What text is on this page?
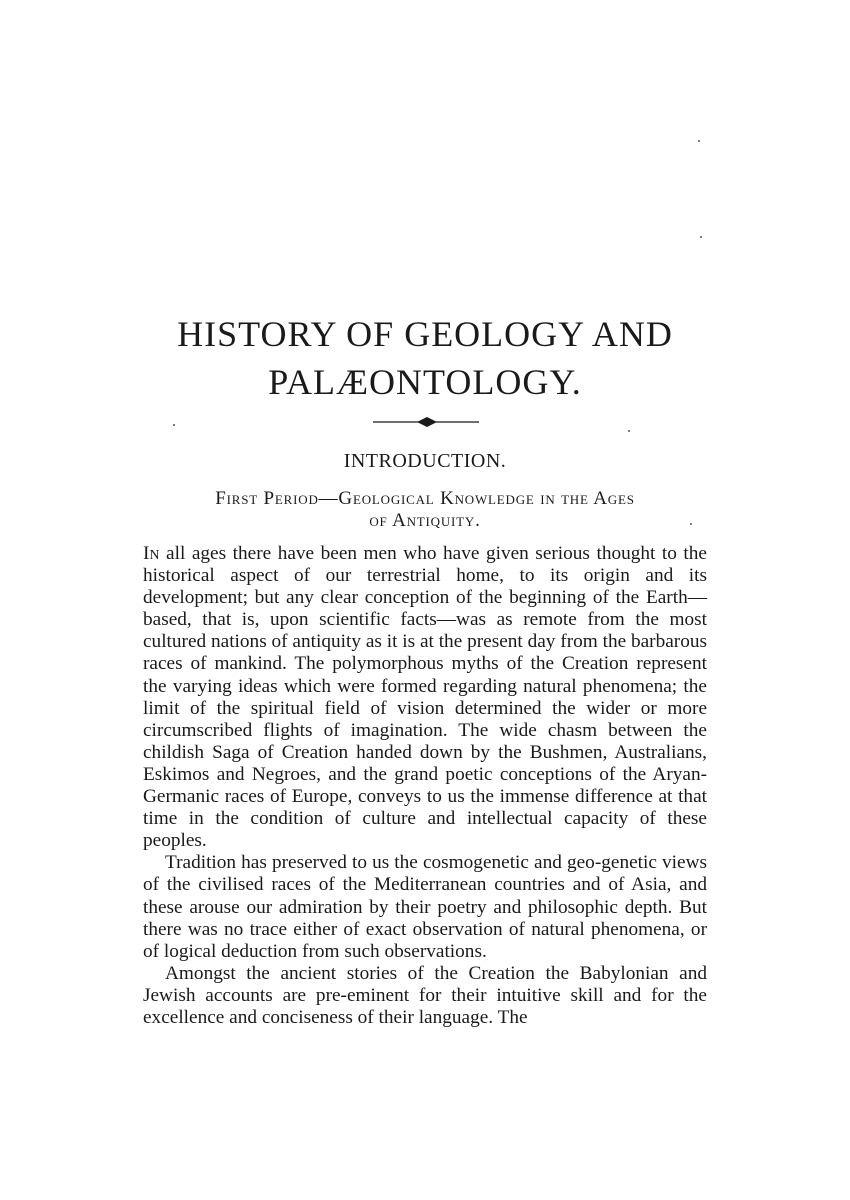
HISTORY OF GEOLOGY AND
PALÆONTOLOGY.
INTRODUCTION.
First Period—Geological Knowledge in the Ages
of Antiquity.

In all ages there have been men who have given serious thought to the historical aspect of our terrestrial home, to its origin and its development; but any clear conception of the beginning of the Earth—based, that is, upon scientific facts—was as remote from the most cultured nations of antiquity as it is at the present day from the barbarous races of mankind. The polymorphous myths of the Creation represent the varying ideas which were formed regarding natural phenomena; the limit of the spiritual field of vision determined the wider or more circumscribed flights of imagination. The wide chasm between the childish Saga of Creation handed down by the Bushmen, Australians, Eskimos and Negroes, and the grand poetic conceptions of the Aryan-Germanic races of Europe, conveys to us the immense difference at that time in the condition of culture and intellectual capacity of these peoples.

Tradition has preserved to us the cosmogenetic and geo-genetic views of the civilised races of the Mediterranean countries and of Asia, and these arouse our admiration by their poetry and philosophic depth. But there was no trace either of exact observation of natural phenomena, or of logical deduction from such observations.

Amongst the ancient stories of the Creation the Babylonian and Jewish accounts are pre-eminent for their intuitive skill and for the excellence and conciseness of their language. The
